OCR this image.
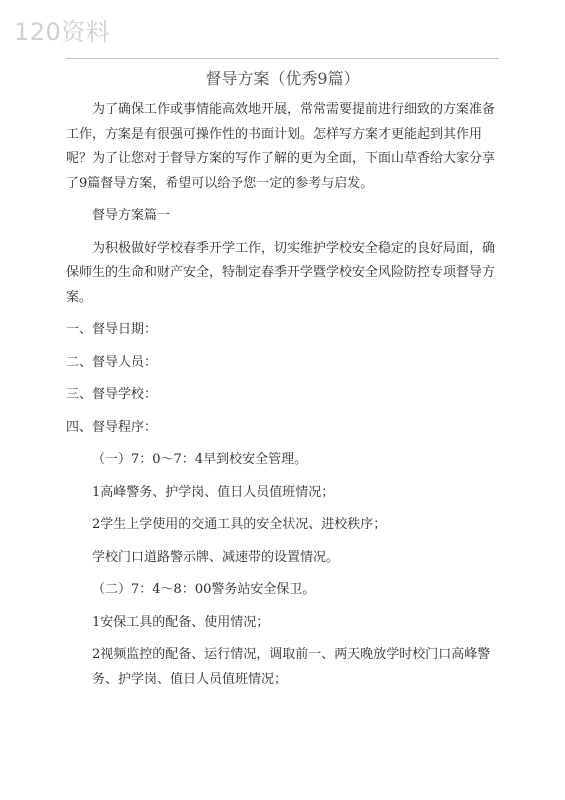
120资料
督导方案（优秀9篇）

为了确保工作或事情能高效地开展，常常需要提前进行细致的方案准备工作，方案是有很强可操作性的书面计划。怎样写方案才更能起到其作用呢？为了让您对于督导方案的写作了解的更为全面，下面山草香给大家分享了9篇督导方案，希望可以给予您一定的参考与启发。

督导方案篇一

为积极做好学校春季开学工作，切实维护学校安全稳定的良好局面，确保师生的生命和财产安全，特制定春季开学暨学校安全风险防控专项督导方案。

一、督导日期：

二、督导人员：

三、督导学校：

四、督导程序：

（一）7：0～7：4早到校安全管理。

1高峰警务、护学岗、值日人员值班情况；

2学生上学使用的交通工具的安全状况、进校秩序；

学校门口道路警示牌、减速带的设置情况。

（二）7：4～8：00警务站安全保卫。

1安保工具的配备、使用情况；

2视频监控的配备、运行情况，调取前一、两天晚放学时校门口高峰警务、护学岗、值日人员值班情况；
